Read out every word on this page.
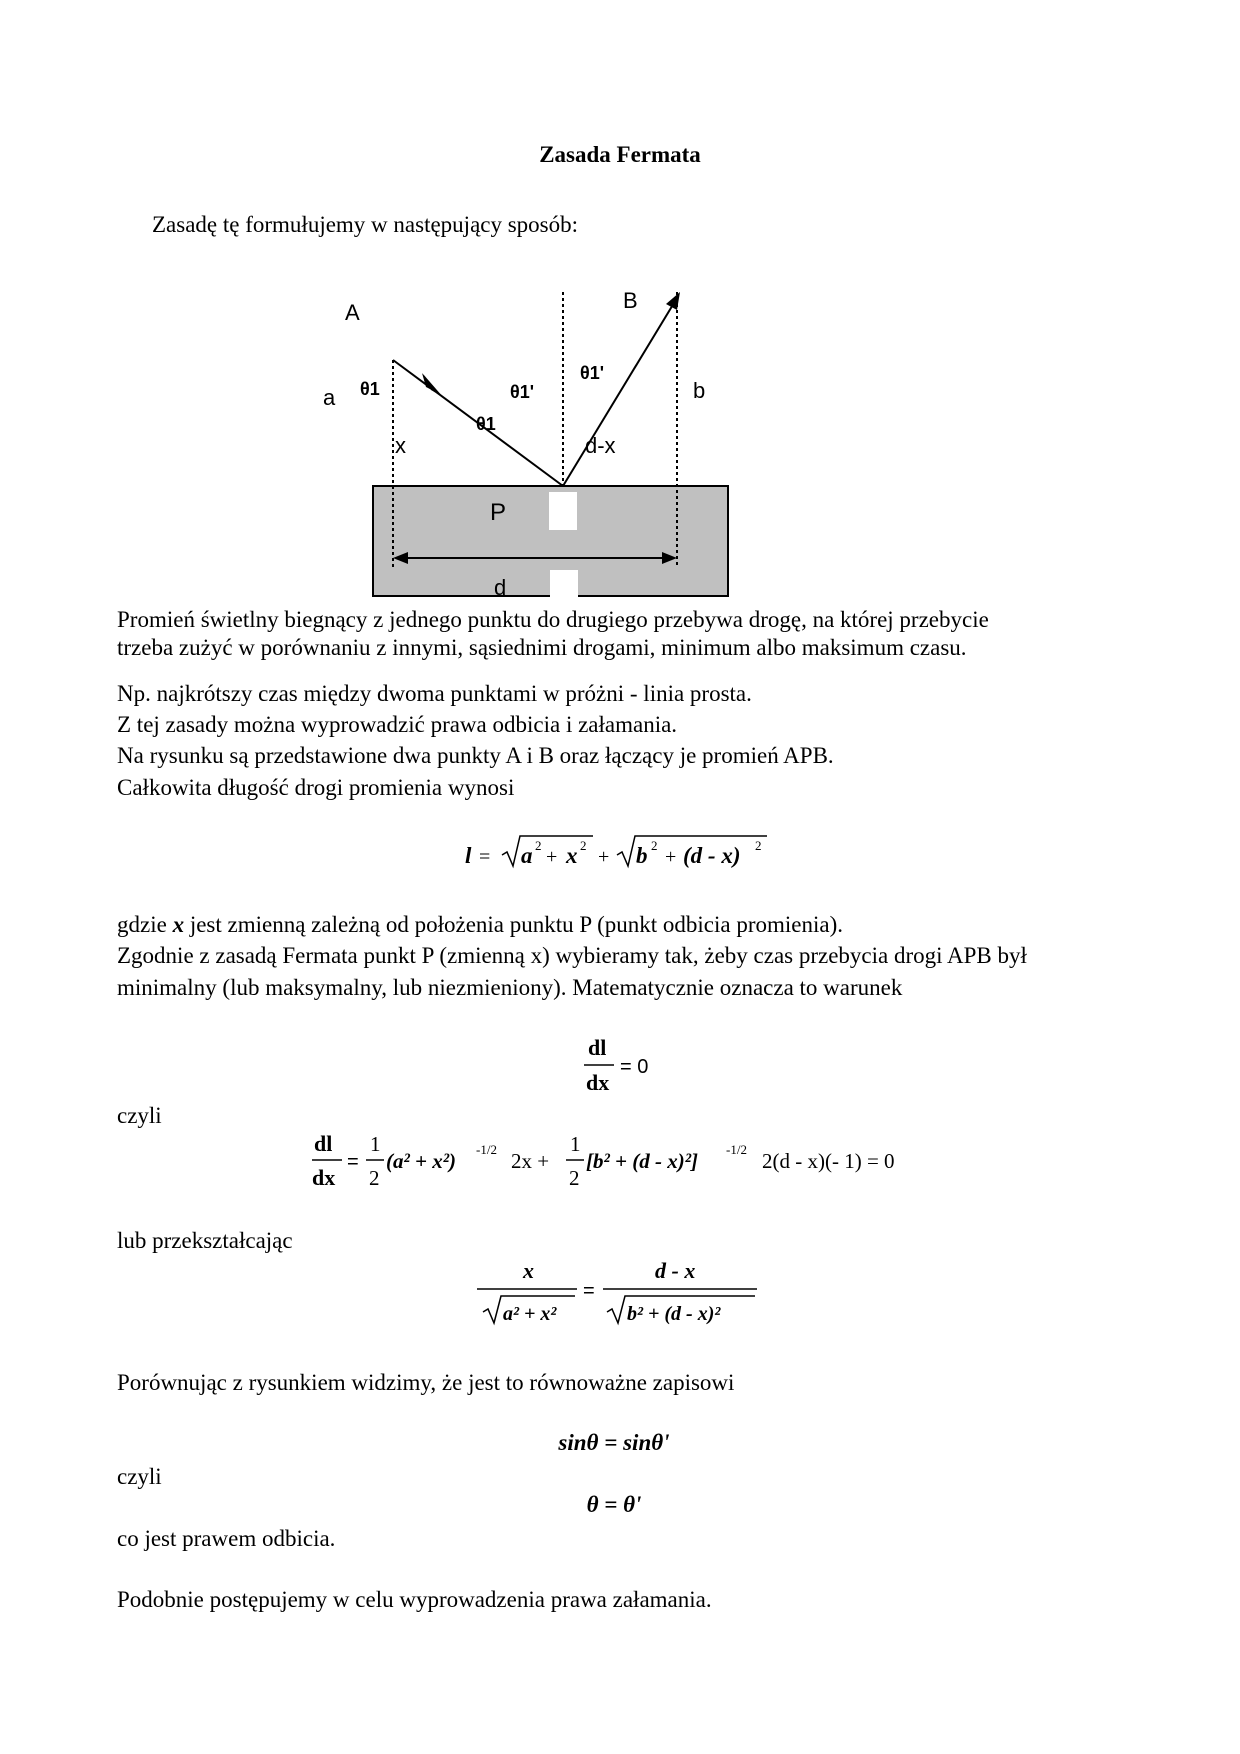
Zasada Fermata
Zasadę tę formułujemy w następujący sposób:
A	B
a	b
x	d-x
P
d
θ1
θ1
θ1'
θ1'
Promień świetlny biegnący z jednego punktu do drugiego przebywa drogę, na której przebycie
trzeba zużyć w porównaniu z innymi, sąsiednimi drogami, minimum albo maksimum czasu.
Np. najkrótszy czas między dwoma punktami w próżni - linia prosta.
Z tej zasady można wyprowadzić prawa odbicia i załamania.
Na rysunku są przedstawione dwa punkty A i B oraz łączący je promień APB.
Całkowita długość drogi promienia wynosi
l = a 2
+ x 2
+ b 2
+ (d - x) 2
gdzie x jest zmienną zależną od położenia punktu P (punkt odbicia promienia).
Zgodnie z zasadą Fermata punkt P (zmienną x) wybieramy tak, żeby czas przebycia drogi APB był
minimalny (lub maksymalny, lub niezmieniony). Matematycznie oznacza to warunek
dl
dx
= 0
czyli
dl
dx
=
1
2
(a² + x²) -1/2 2x +
1
2
[b² + (d - x)²] -1/2 2(d - x)(- 1) = 0
lub przekształcając
x
a² + x²
=
d - x
b² + (d - x)²
Porównując z rysunkiem widzimy, że jest to równoważne zapisowi
sinθ = sinθ'
czyli
θ = θ'
co jest prawem odbicia.
Podobnie postępujemy w celu wyprowadzenia prawa załamania.
